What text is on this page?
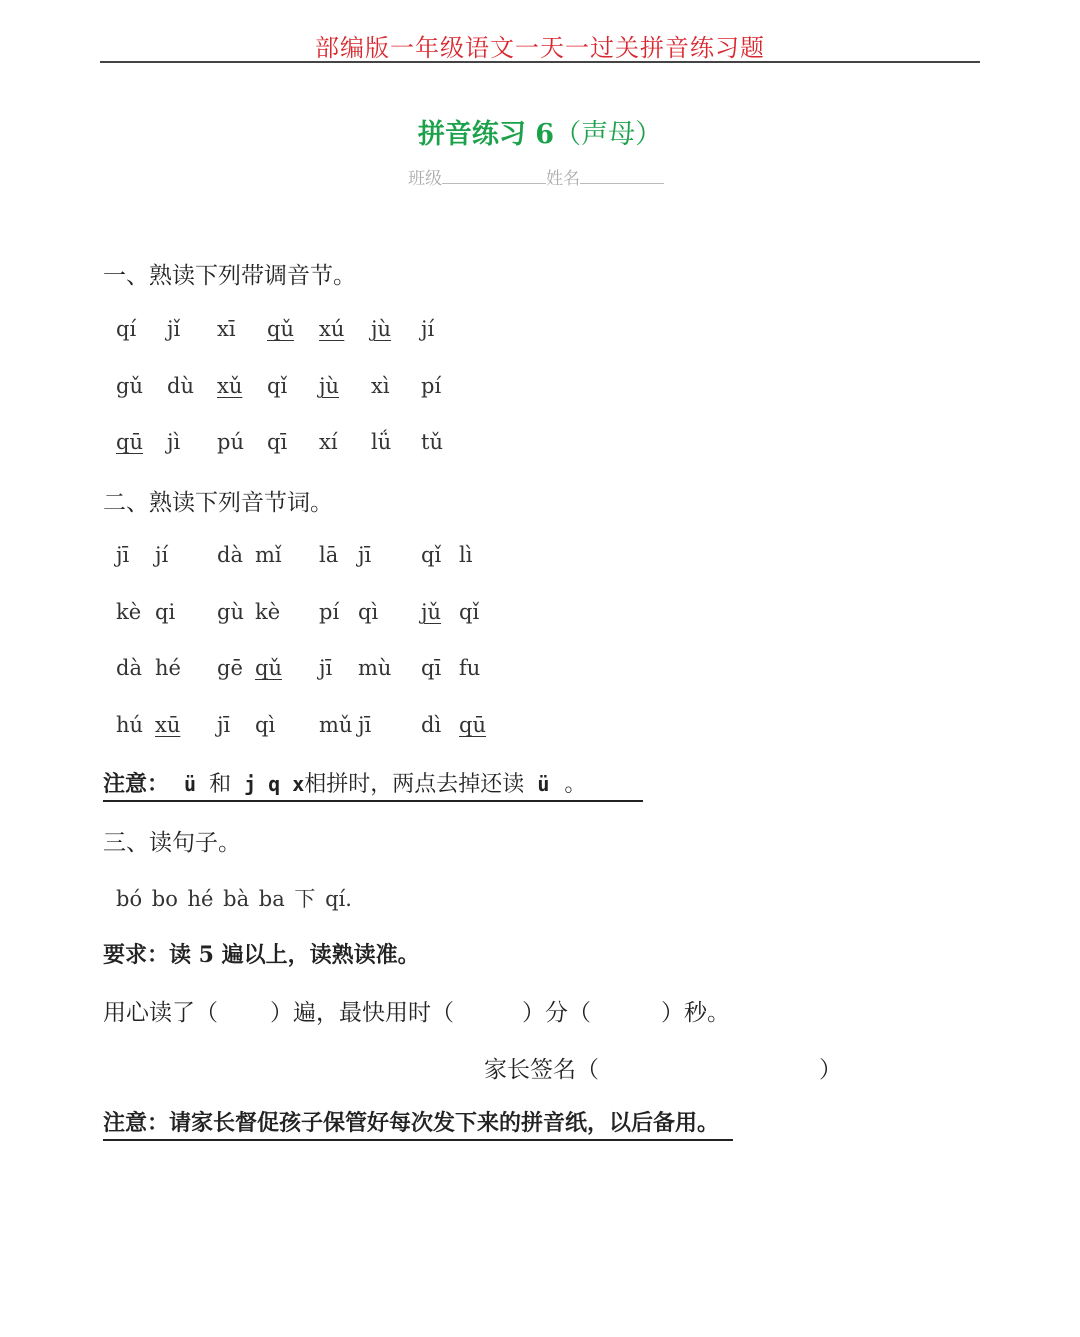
部编版一年级语文一天一过关拼音练习题
拼音练习 6（声母）
班级	姓名
一、熟读下列带调音节。
qí jǐ xī qǔ xú	jù jí
gǔ dù xǔ qǐ jù xì pí
qū jì pú qī xí lǘ tǔ
二、熟读下列音节词。
jī jí dà mǐ lā jī qǐ lì
kè qi gù kè pí qì jǔ qǐ
dà hé gē qǔ jī mù qī fu
hú xū jī qì mǔ jī dì qū
注意： ü 和 j q x相拼时，两点去掉还读 ü 。
三、读句子。
bó bo hé bà ba 下 qí.
要求：读 5 遍以上，读熟读准。
用心读了（ ）遍，最快用时（	）分（	）秒。
家长签名（	）
注意：请家长督促孩子保管好每次发下来的拼音纸，以后备用。
